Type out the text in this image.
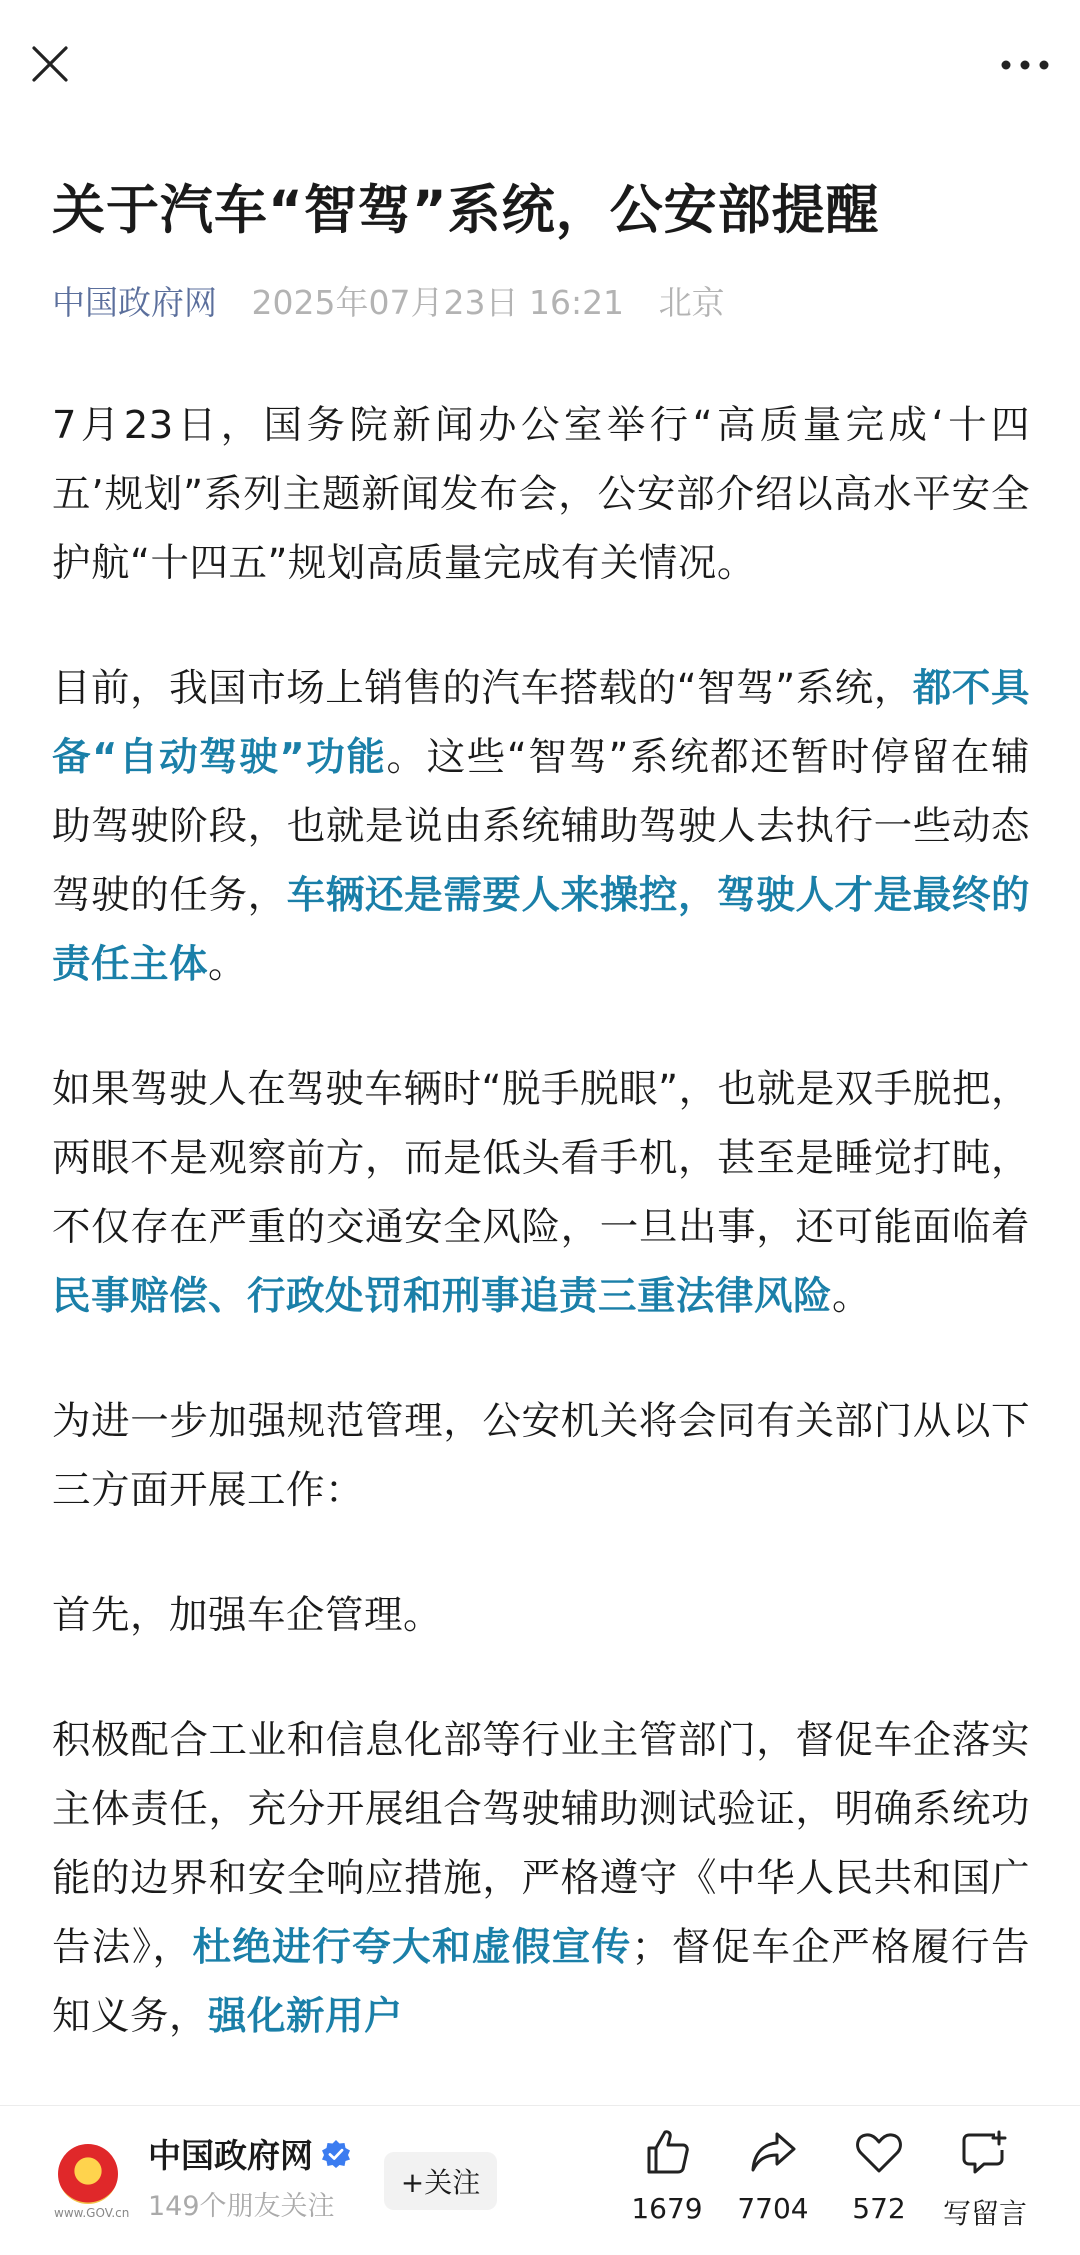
关于汽车“智驾”系统，公安部提醒
中国政府网 2025年07月23日 16:21 北京

7月23日，国务院新闻办公室举行“高质量完成‘十四五’规划”系列主题新闻发布会，公安部介绍以高水平安全护航“十四五”规划高质量完成有关情况。

目前，我国市场上销售的汽车搭载的“智驾”系统，都不具备“自动驾驶”功能。这些“智驾”系统都还暂时停留在辅助驾驶阶段，也就是说由系统辅助驾驶人去执行一些动态驾驶的任务，车辆还是需要人来操控，驾驶人才是最终的责任主体。

如果驾驶人在驾驶车辆时“脱手脱眼”，也就是双手脱把，两眼不是观察前方，而是低头看手机，甚至是睡觉打盹，不仅存在严重的交通安全风险，一旦出事，还可能面临着民事赔偿、行政处罚和刑事追责三重法律风险。

为进一步加强规范管理，公安机关将会同有关部门从以下三方面开展工作：

首先，加强车企管理。

积极配合工业和信息化部等行业主管部门，督促车企落实主体责任，充分开展组合驾驶辅助测试验证，明确系统功能的边界和安全响应措施，严格遵守《中华人民共和国广告法》，杜绝进行夸大和虚假宣传；督促车企严格履行告知义务，强化新用户

www.GOV.cn
中国政府网
149个朋友关注
+关注
1679 7704 572 写留言
